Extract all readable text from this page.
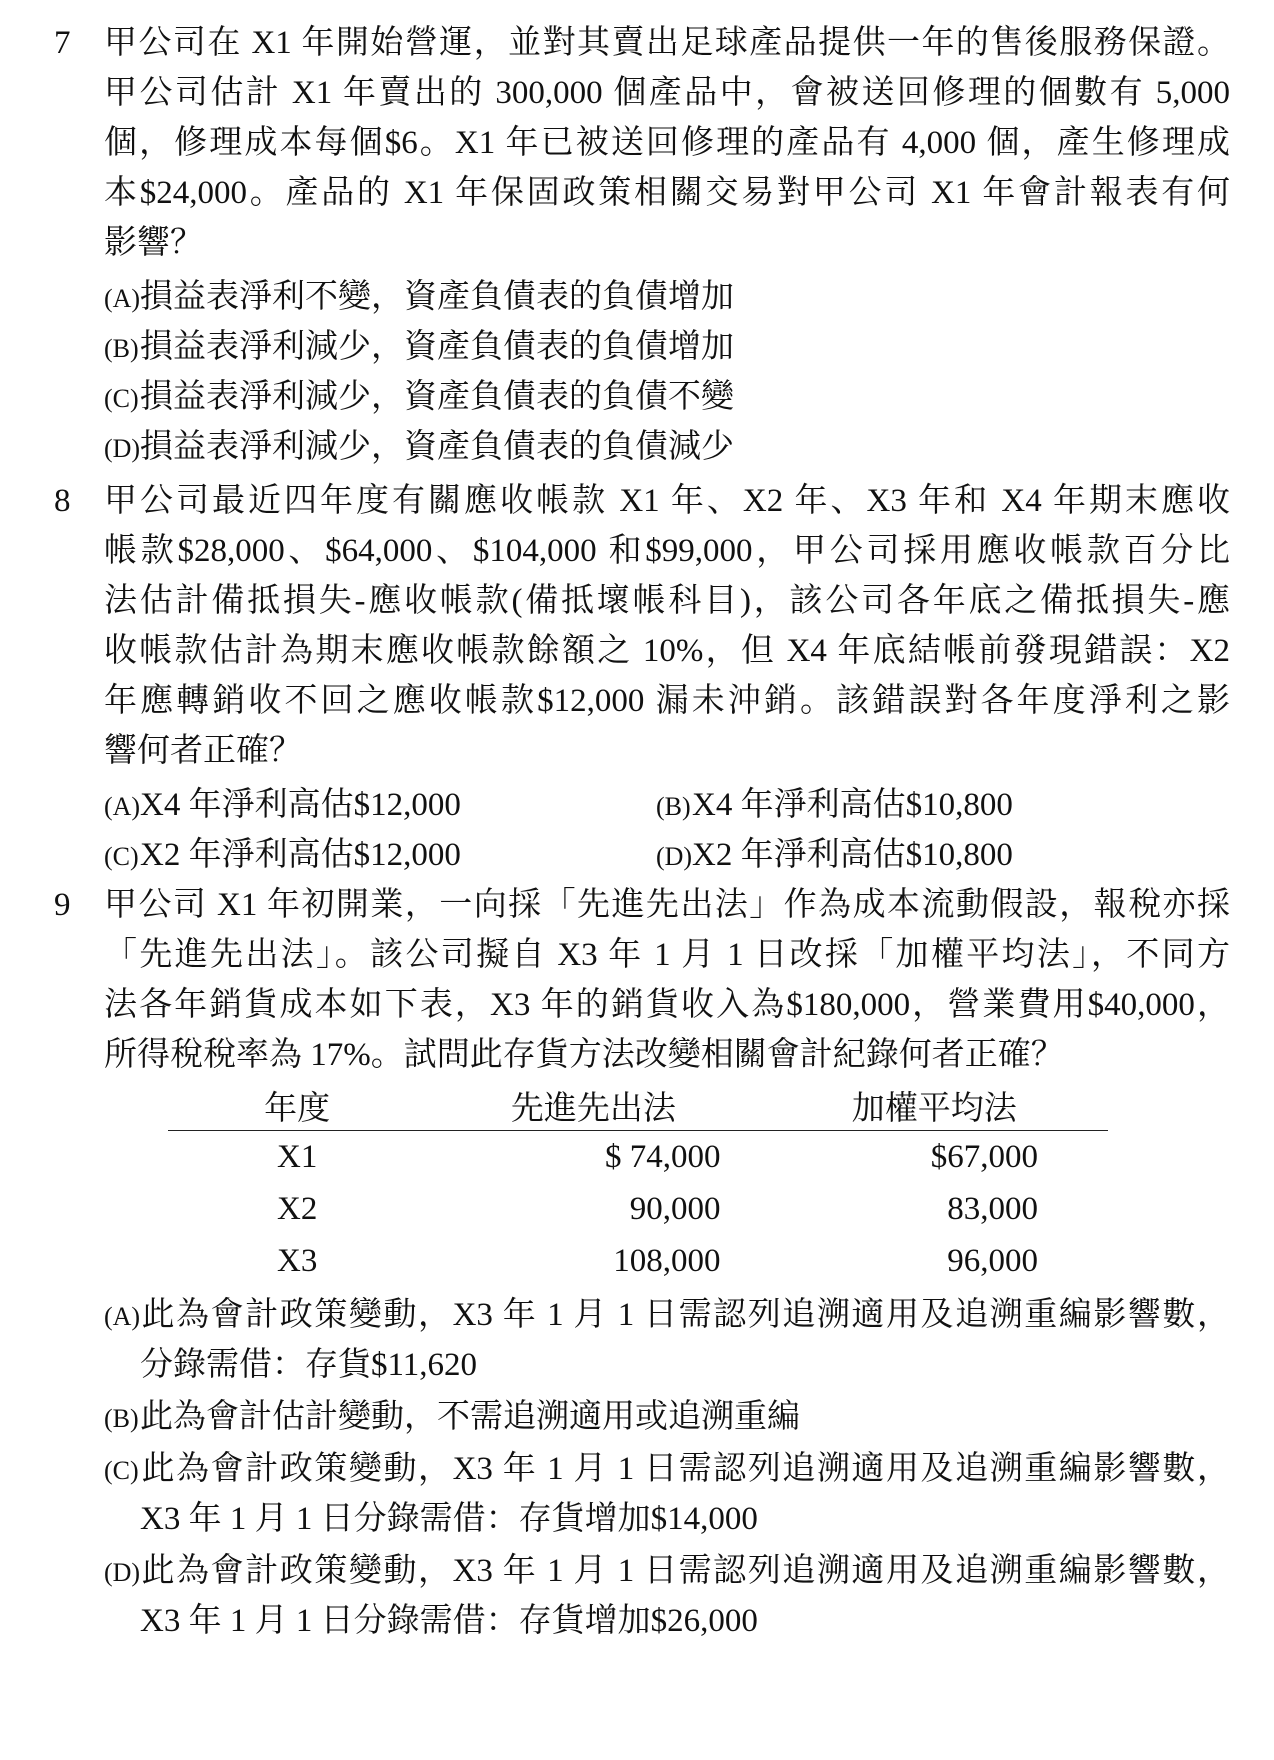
7	甲公司在 X1 年開始營運，並對其賣出足球產品提供一年的售後服務保證。
甲公司估計 X1 年賣出的 300,000 個產品中，會被送回修理的個數有 5,000
個，修理成本每個$6。X1 年已被送回修理的產品有 4,000 個，產生修理成
本$24,000。產品的 X1 年保固政策相關交易對甲公司 X1 年會計報表有何
影響？
(A)損益表淨利不變，資產負債表的負債增加
(B)損益表淨利減少，資產負債表的負債增加
(C)損益表淨利減少，資產負債表的負債不變
(D)損益表淨利減少，資產負債表的負債減少
8	甲公司最近四年度有關應收帳款 X1 年、X2 年、X3 年和 X4 年期末應收
帳款$28,000、$64,000、$104,000 和$99,000，甲公司採用應收帳款百分比
法估計備抵損失-應收帳款(備抵壞帳科目)，該公司各年底之備抵損失-應
收帳款估計為期末應收帳款餘額之 10%，但 X4 年底結帳前發現錯誤：X2
年應轉銷收不回之應收帳款$12,000 漏未沖銷。該錯誤對各年度淨利之影
響何者正確？
(A)X4 年淨利高估$12,000	(B)X4 年淨利高估$10,800
(C)X2 年淨利高估$12,000	(D)X2 年淨利高估$10,800
9	甲公司 X1 年初開業，一向採「先進先出法」作為成本流動假設，報稅亦採
「先進先出法」。該公司擬自 X3 年 1 月 1 日改採「加權平均法」，不同方
法各年銷貨成本如下表，X3 年的銷貨收入為$180,000，營業費用$40,000，
所得稅稅率為 17%。試問此存貨方法改變相關會計紀錄何者正確？
年度	先進先出法	加權平均法
X1	$ 74,000	$67,000
X2	90,000	83,000
X3	108,000	96,000
(A)此為會計政策變動，X3 年 1 月 1 日需認列追溯適用及追溯重編影響數，
分錄需借：存貨$11,620
(B)此為會計估計變動，不需追溯適用或追溯重編
(C)此為會計政策變動，X3 年 1 月 1 日需認列追溯適用及追溯重編影響數，
X3 年 1 月 1 日分錄需借：存貨增加$14,000
(D)此為會計政策變動，X3 年 1 月 1 日需認列追溯適用及追溯重編影響數，
X3 年 1 月 1 日分錄需借：存貨增加$26,000
